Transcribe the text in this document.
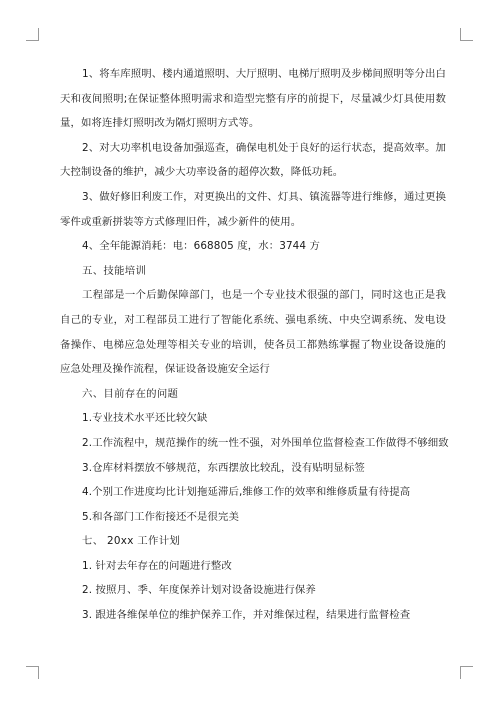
1、将车库照明、楼内通道照明、大厅照明、电梯厅照明及步梯间照明等分出白天和夜间照明;在保证整体照明需求和造型完整有序的前提下，尽量减少灯具使用数量，如将连排灯照明改为隔灯照明方式等。

2、对大功率机电设备加强巡查，确保电机处于良好的运行状态，提高效率。加大控制设备的维护，减少大功率设备的超停次数，降低功耗。

3、做好修旧利废工作，对更换出的文件、灯具、镇流器等进行维修，通过更换零件或重新拼装等方式修理旧件，减少新件的使用。

4、全年能源消耗：电：668805 度，水：3744 方

五、技能培训

工程部是一个后勤保障部门，也是一个专业技术很强的部门，同时这也正是我自己的专业，对工程部员工进行了智能化系统、强电系统、中央空调系统、发电设备操作、电梯应急处理等相关专业的培训，使各员工都熟练掌握了物业设备设施的应急处理及操作流程，保证设备设施安全运行

六、目前存在的问题

1.专业技术水平还比较欠缺

2.工作流程中，规范操作的统一性不强，对外围单位监督检查工作做得不够细致

3.仓库材料摆放不够规范，东西摆放比较乱，没有贴明显标签

4.个别工作进度均比计划拖延滞后,维修工作的效率和维修质量有待提高

5.和各部门工作衔接还不是很完美

七、 20xx 工作计划

1. 针对去年存在的问题进行整改

2. 按照月、季、年度保养计划对设备设施进行保养

3. 跟进各维保单位的维护保养工作，并对维保过程，结果进行监督检查
